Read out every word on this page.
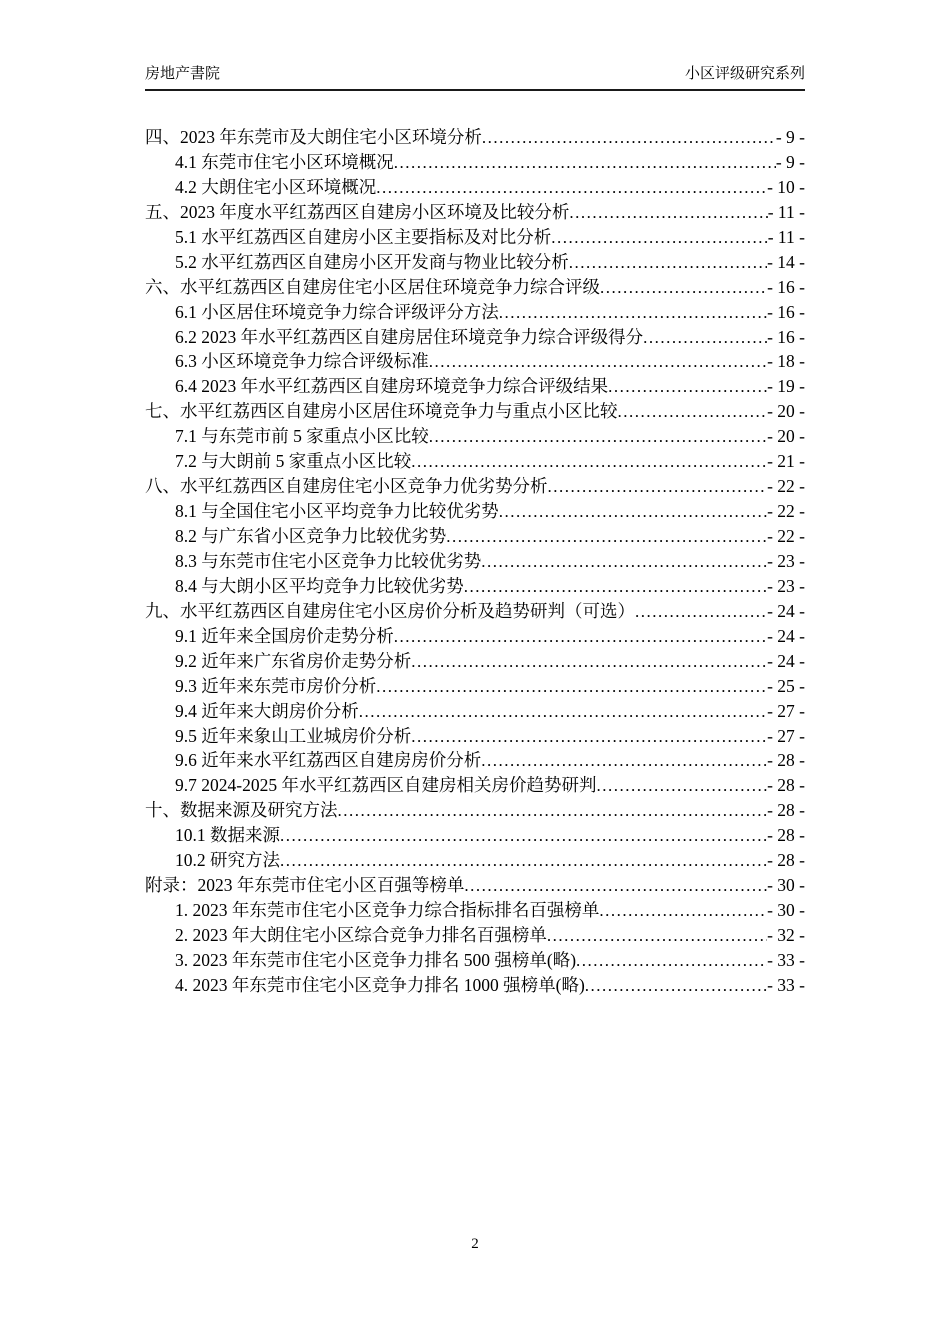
房地产書院	小区评级研究系列
四、2023 年东莞市及大朗住宅小区环境分析 .....	- 9 -
4.1 东莞市住宅小区环境概况 .....	- 9 -
4.2 大朗住宅小区环境概况 .....	- 10 -
五、2023 年度水平红荔西区自建房小区环境及比较分析 .....	- 11 -
5.1 水平红荔西区自建房小区主要指标及对比分析 .....	- 11 -
5.2 水平红荔西区自建房小区开发商与物业比较分析 .....	- 14 -
六、水平红荔西区自建房住宅小区居住环境竞争力综合评级 .....	- 16 -
6.1 小区居住环境竞争力综合评级评分方法 .....	- 16 -
6.2 2023 年水平红荔西区自建房居住环境竞争力综合评级得分 .....	- 16 -
6.3 小区环境竞争力综合评级标准 .....	- 18 -
6.4 2023 年水平红荔西区自建房环境竞争力综合评级结果 .....	- 19 -
七、水平红荔西区自建房小区居住环境竞争力与重点小区比较 .....	- 20 -
7.1 与东莞市前 5 家重点小区比较 .....	- 20 -
7.2 与大朗前 5 家重点小区比较 .....	- 21 -
八、水平红荔西区自建房住宅小区竞争力优劣势分析 .....	- 22 -
8.1 与全国住宅小区平均竞争力比较优劣势 .....	- 22 -
8.2 与广东省小区竞争力比较优劣势 .....	- 22 -
8.3 与东莞市住宅小区竞争力比较优劣势 .....	- 23 -
8.4 与大朗小区平均竞争力比较优劣势 .....	- 23 -
九、水平红荔西区自建房住宅小区房价分析及趋势研判（可选） .....	- 24 -
9.1 近年来全国房价走势分析 .....	- 24 -
9.2 近年来广东省房价走势分析 .....	- 24 -
9.3 近年来东莞市房价分析 .....	- 25 -
9.4 近年来大朗房价分析 .....	- 27 -
9.5 近年来象山工业城房价分析 .....	- 27 -
9.6 近年来水平红荔西区自建房房价分析 .....	- 28 -
9.7 2024-2025 年水平红荔西区自建房相关房价趋势研判 .....	- 28 -
十、数据来源及研究方法 .....	- 28 -
10.1 数据来源 .....	- 28 -
10.2 研究方法 .....	- 28 -
附录：2023 年东莞市住宅小区百强等榜单 .....	- 30 -
1. 2023 年东莞市住宅小区竞争力综合指标排名百强榜单 .....	- 30 -
2. 2023 年大朗住宅小区综合竞争力排名百强榜单 .....	- 32 -
3. 2023 年东莞市住宅小区竞争力排名 500 强榜单(略) .....	- 33 -
4. 2023 年东莞市住宅小区竞争力排名 1000 强榜单(略) .....	- 33 -
2
